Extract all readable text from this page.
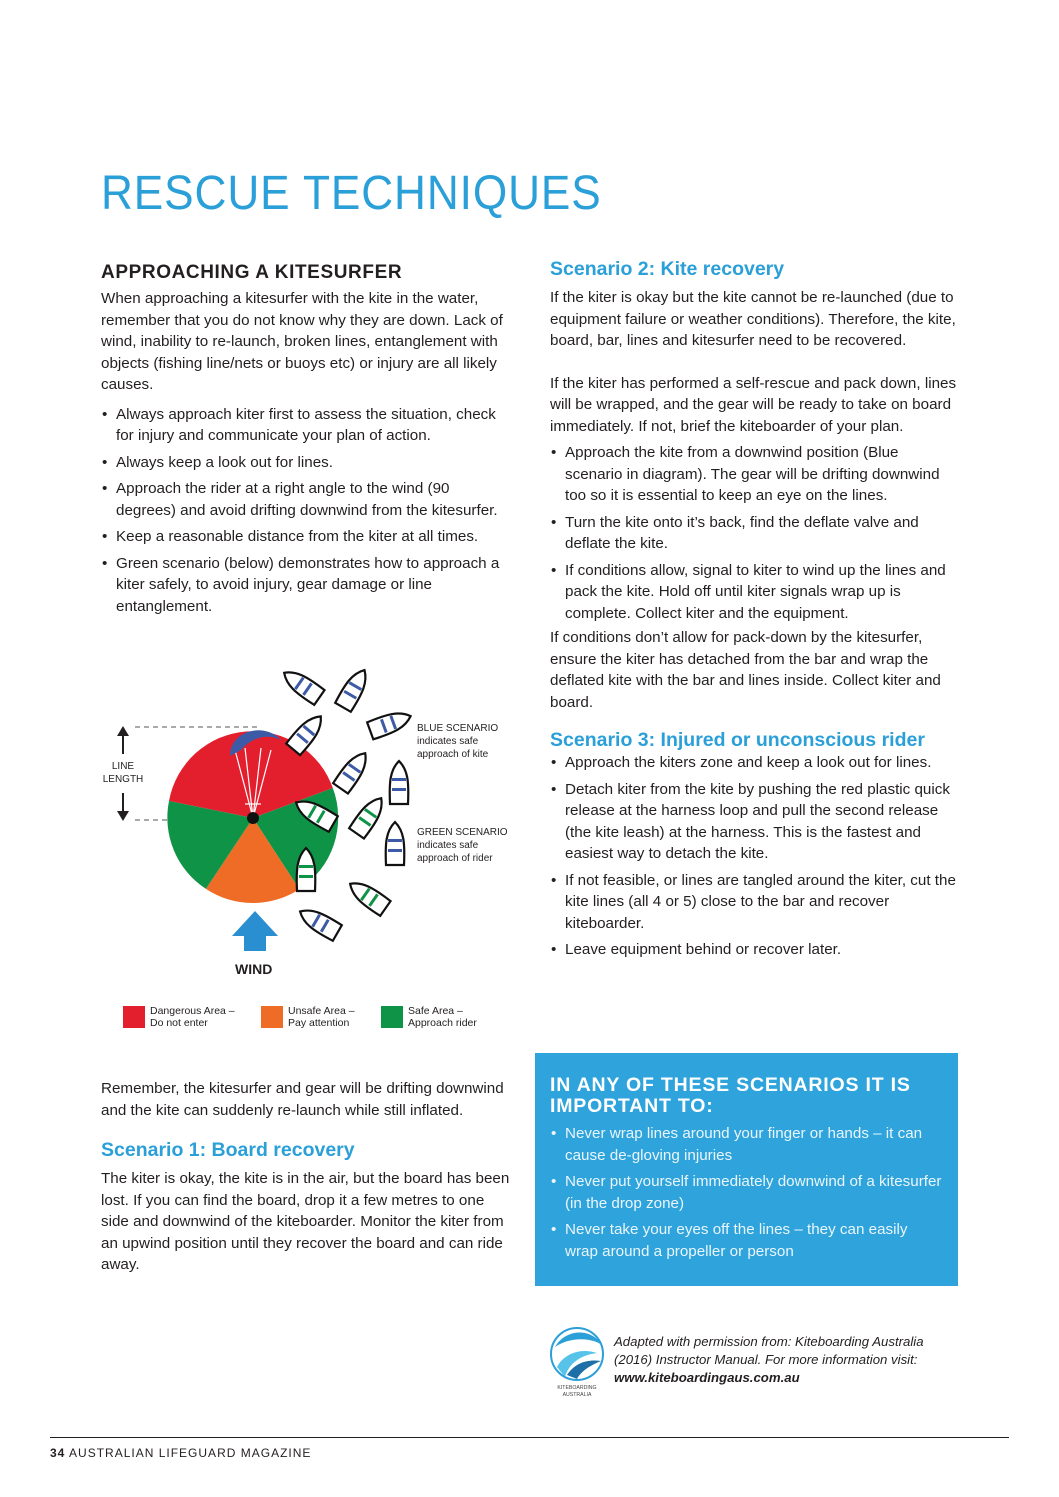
RESCUE TECHNIQUES
APPROACHING A KITESURFER

When approaching a kitesurfer with the kite in the water, remember that you do not know why they are down. Lack of wind, inability to re-launch, broken lines, entanglement with objects (fishing line/nets or buoys etc) or injury are all likely causes.

• Always approach kiter first to assess the situation, check for injury and communicate your plan of action.
• Always keep a look out for lines.
• Approach the rider at a right angle to the wind (90 degrees) and avoid drifting downwind from the kitesurfer.
• Keep a reasonable distance from the kiter at all times.
• Green scenario (below) demonstrates how to approach a kiter safely, to avoid injury, gear damage or line entanglement.
LINE
LENGTH
BLUE SCENARIO
indicates safe
approach of kite
GREEN SCENARIO
indicates safe
approach of rider
WIND
Dangerous Area –
Do not enter
Unsafe Area –
Pay attention
Safe Area –
Approach rider

Remember, the kitesurfer and gear will be drifting downwind and the kite can suddenly re-launch while still inflated.

Scenario 1: Board recovery

The kiter is okay, the kite is in the air, but the board has been lost. If you can find the board, drop it a few metres to one side and downwind of the kiteboarder. Monitor the kiter from an upwind position until they recover the board and can ride away.

Scenario 2: Kite recovery

If the kiter is okay but the kite cannot be re-launched (due to equipment failure or weather conditions). Therefore, the kite, board, bar, lines and kitesurfer need to be recovered.

If the kiter has performed a self-rescue and pack down, lines will be wrapped, and the gear will be ready to take on board immediately. If not, brief the kiteboarder of your plan.

• Approach the kite from a downwind position (Blue scenario in diagram). The gear will be drifting downwind too so it is essential to keep an eye on the lines.
• Turn the kite onto it’s back, find the deflate valve and deflate the kite.
• If conditions allow, signal to kiter to wind up the lines and pack the kite. Hold off until kiter signals wrap up is complete. Collect kiter and the equipment.

If conditions don’t allow for pack-down by the kitesurfer, ensure the kiter has detached from the bar and wrap the deflated kite with the bar and lines inside. Collect kiter and board.

Scenario 3: Injured or unconscious rider
• Approach the kiters zone and keep a look out for lines.
• Detach kiter from the kite by pushing the red plastic quick release at the harness loop and pull the second release (the kite leash) at the harness. This is the fastest and easiest way to detach the kite.
• If not feasible, or lines are tangled around the kiter, cut the kite lines (all 4 or 5) close to the bar and recover kiteboarder.
• Leave equipment behind or recover later.
IN ANY OF THESE SCENARIOS IT IS IMPORTANT TO:
• Never wrap lines around your finger or hands – it can cause de-gloving injuries
• Never put yourself immediately downwind of a kitesurfer (in the drop zone)
• Never take your eyes off the lines – they can easily wrap around a propeller or person
KITEBOARDING
AUSTRALIA
Adapted with permission from: Kiteboarding Australia (2016) Instructor Manual. For more information visit: www.kiteboardingaus.com.au
34 AUSTRALIAN LIFEGUARD MAGAZINE
